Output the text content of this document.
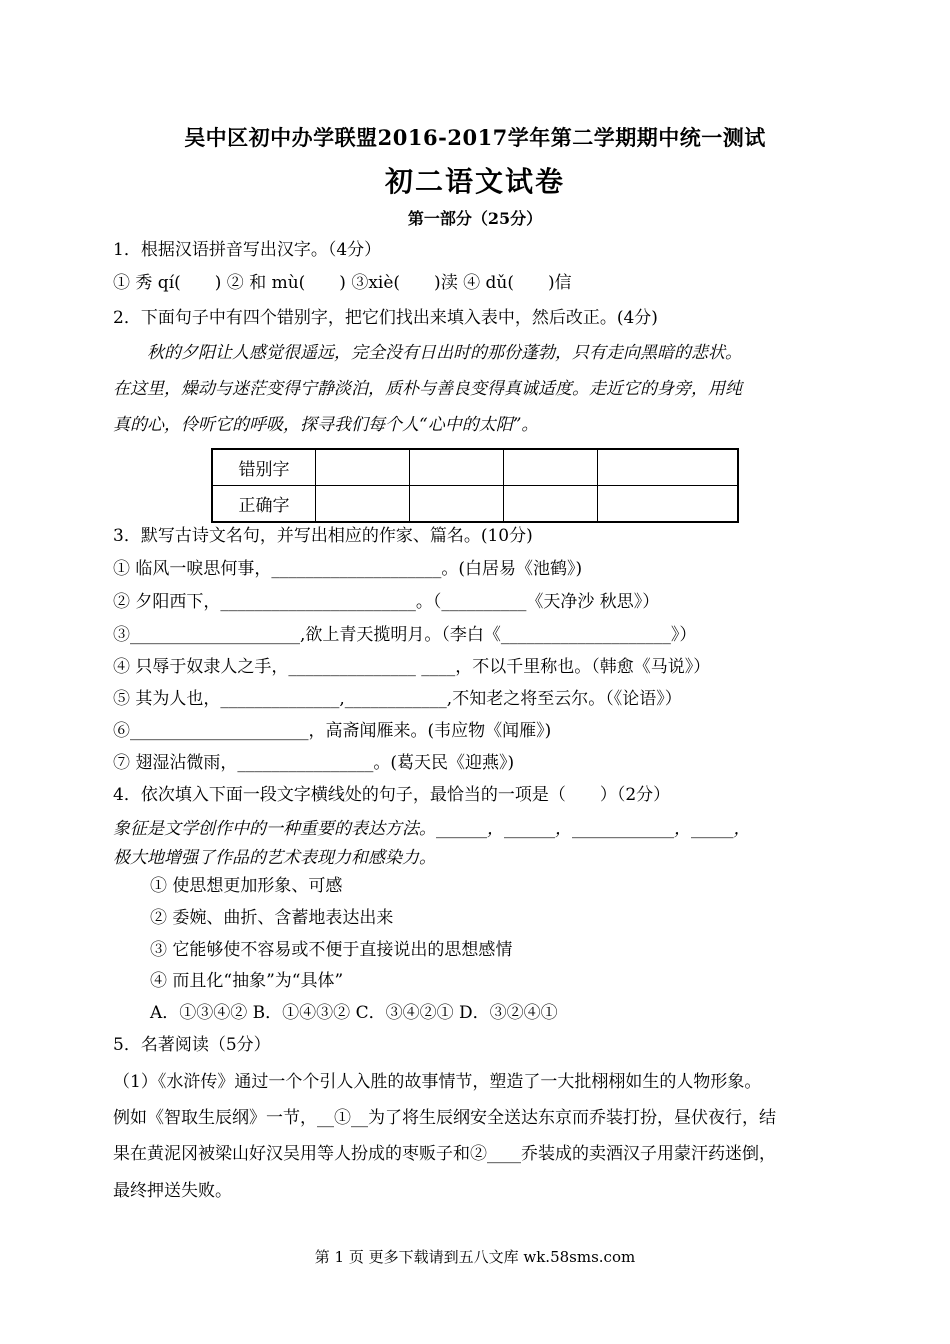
吴中区初中办学联盟2016-2017学年第二学期期中统一测试
初二语文试卷
第一部分（25分）
1．根据汉语拼音写出汉字。（4分）
① 秀 qí(　　) ② 和 mù(　　) ③xiè(　　)渎 ④ dǔ(　　)信
2．下面句子中有四个错别字，把它们找出来填入表中，然后改正。(4分)
　　秋的夕阳让人感觉很遥远，完全没有日出时的那份蓬勃，只有走向黑暗的悲状。
在这里，燥动与迷茫变得宁静淡泊，质朴与善良变得真诚适度。走近它的身旁，用纯
真的心，伶听它的呼吸，探寻我们每个人“心中的太阳”。
错别字				
正确字				
3．默写古诗文名句，并写出相应的作家、篇名。(10分)
① 临风一唳思何事，____________________。(白居易《池鹤》)
② 夕阳西下，_______________________。（__________《天净沙 秋思》）
③____________________,欲上青天揽明月。（李白《____________________》）
④ 只辱于奴隶人之手，_______________ ____，不以千里称也。（韩愈《马说》）
⑤ 其为人也，______________,____________,不知老之将至云尔。（《论语》）
⑥_____________________，高斋闻雁来。(韦应物《闻雁》)
⑦ 翅湿沾微雨，________________。(葛天民《迎燕》)
4．依次填入下面一段文字横线处的句子，最恰当的一项是（　　）（2分）
象征是文学创作中的一种重要的表达方法。______，______，____________，_____，
极大地增强了作品的艺术表现力和感染力。
① 使思想更加形象、可感
② 委婉、曲折、含蓄地表达出来
③ 它能够使不容易或不便于直接说出的思想感情
④ 而且化“抽象”为“具体”
A．①③④② B．①④③② C．③④②① D．③②④①
5．名著阅读（5分）
（1）《水浒传》通过一个个引人入胜的故事情节，塑造了一大批栩栩如生的人物形象。
例如《智取生辰纲》一节，__①__为了将生辰纲安全送达东京而乔装打扮，昼伏夜行，结
果在黄泥冈被梁山好汉吴用等人扮成的枣贩子和②____乔装成的卖酒汉子用蒙汗药迷倒，
最终押送失败。
第 1 页 更多下载请到五八文库 wk.58sms.com
